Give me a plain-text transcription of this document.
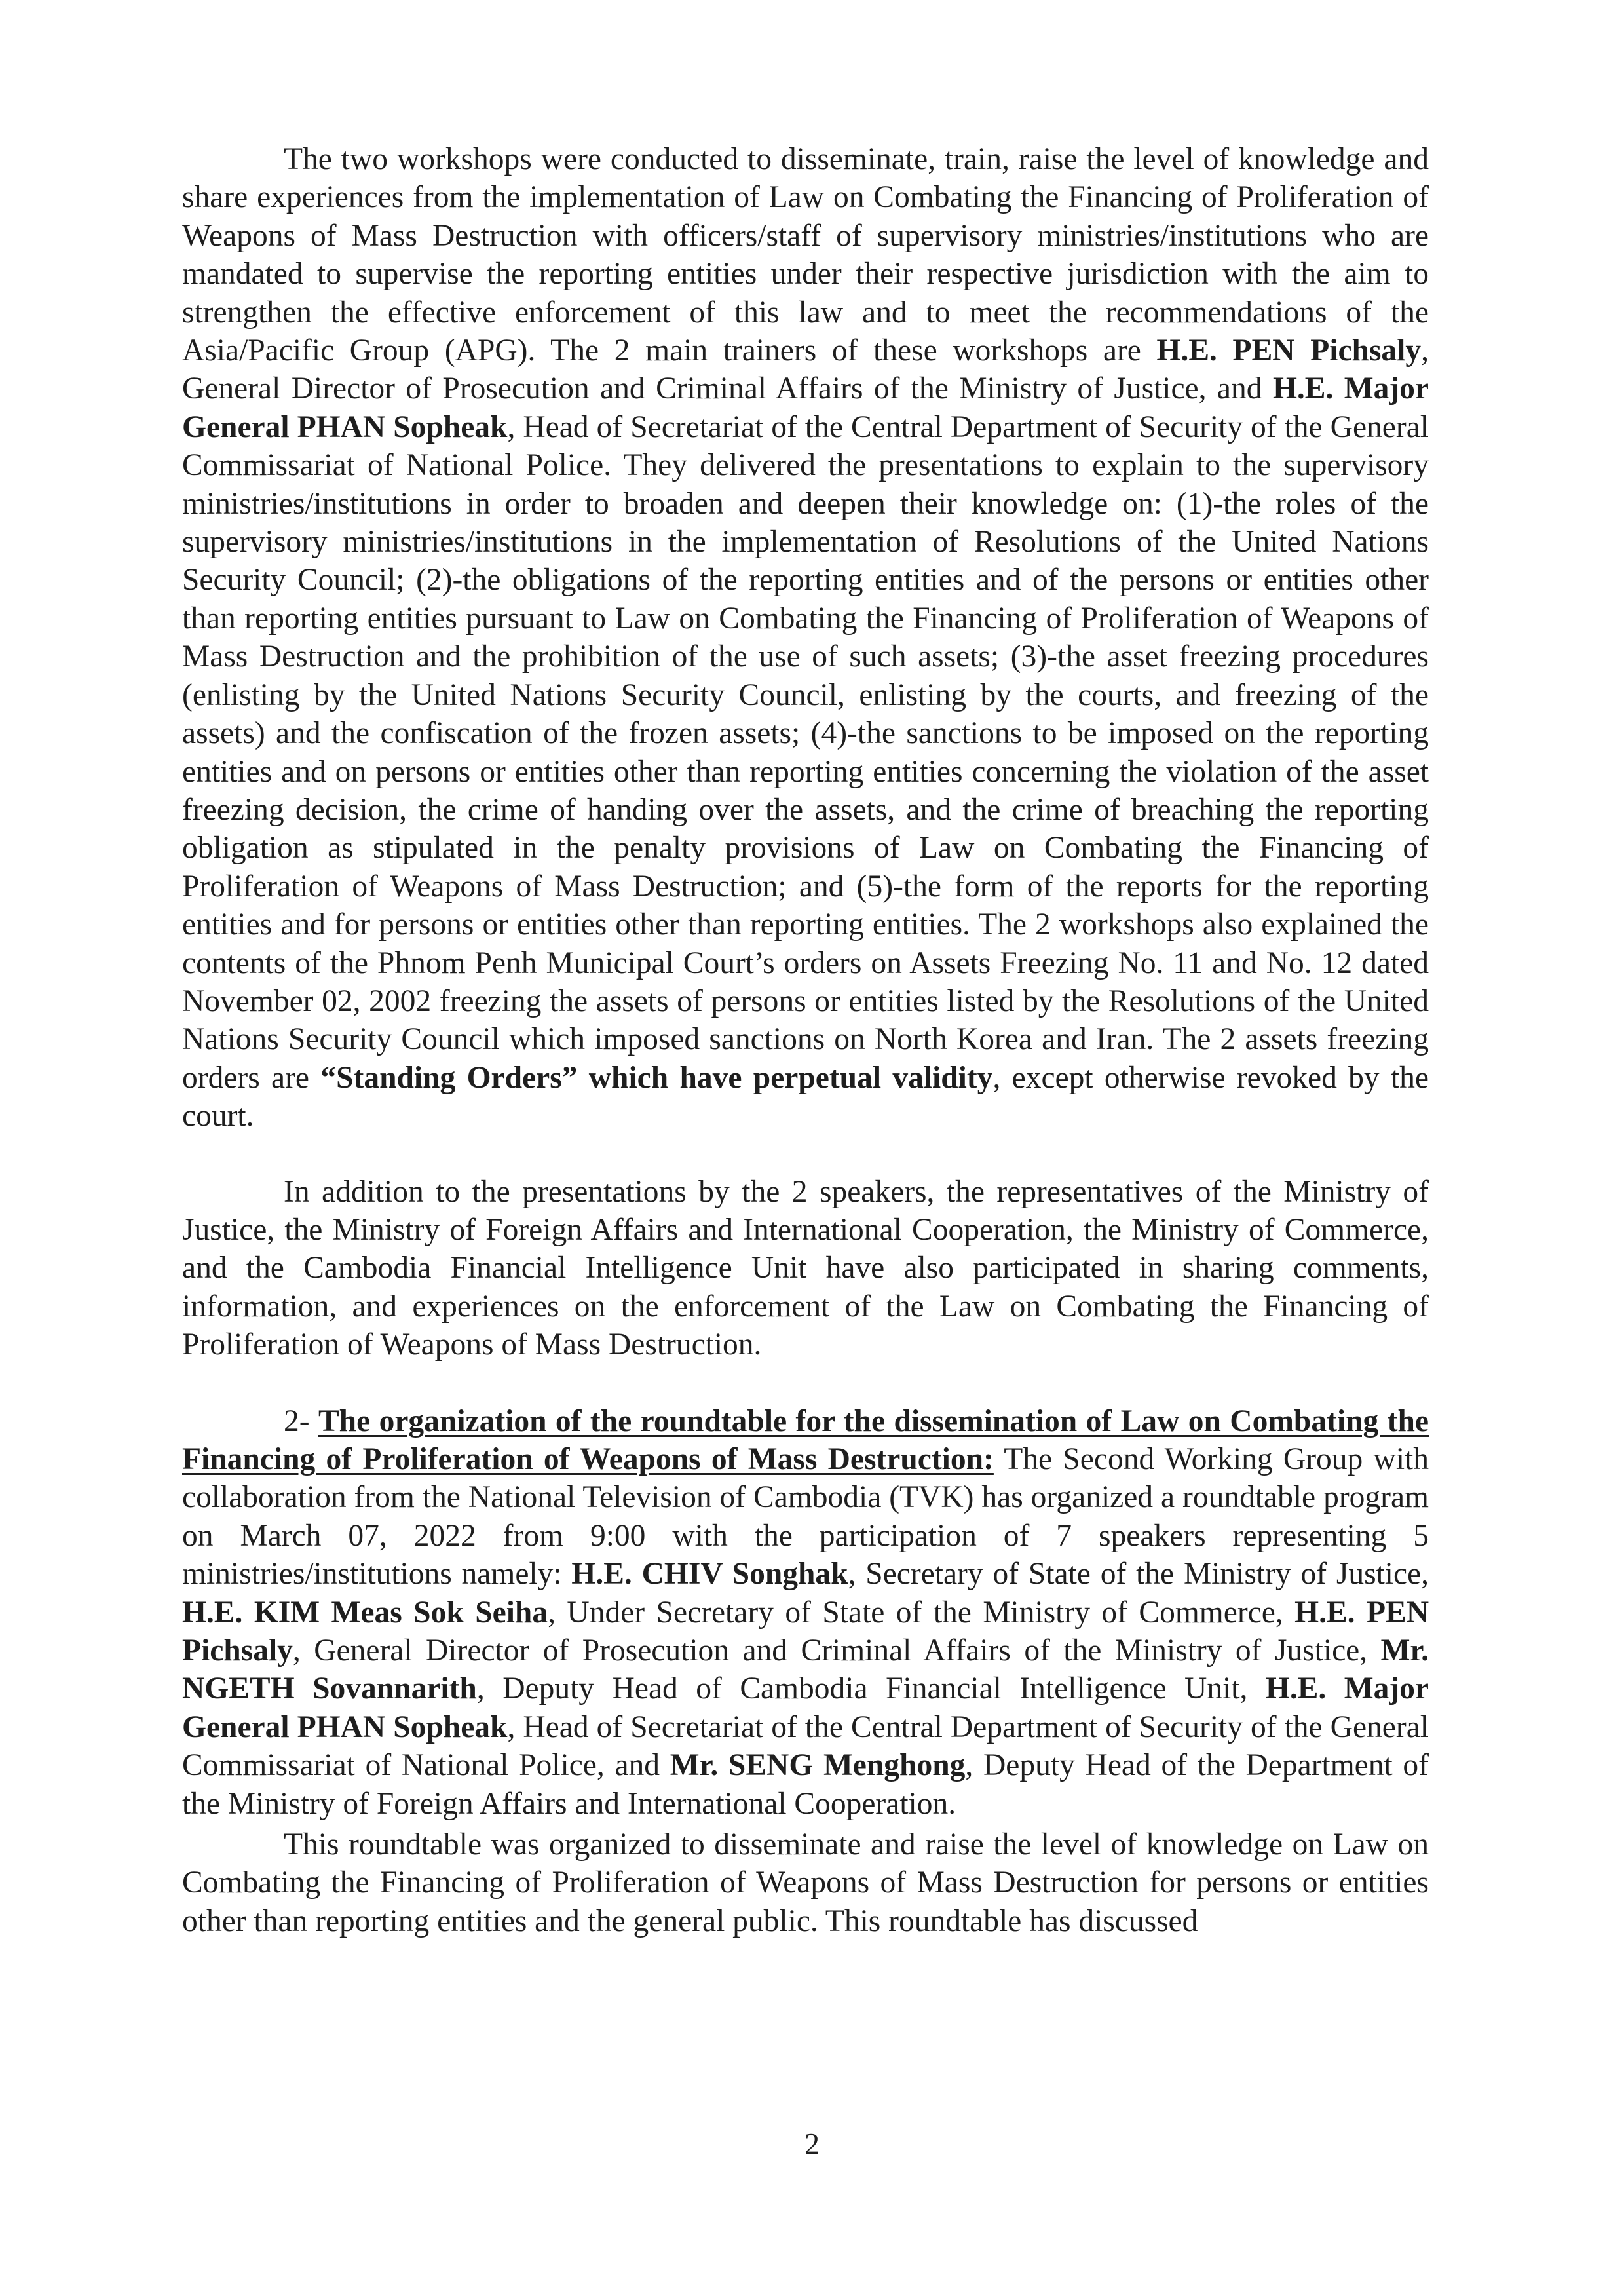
The two workshops were conducted to disseminate, train, raise the level of knowledge and share experiences from the implementation of Law on Combating the Financing of Proliferation of Weapons of Mass Destruction with officers/staff of supervisory ministries/institutions who are mandated to supervise the reporting entities under their respective jurisdiction with the aim to strengthen the effective enforcement of this law and to meet the recommendations of the Asia/Pacific Group (APG). The 2 main trainers of these workshops are H.E. PEN Pichsaly, General Director of Prosecution and Criminal Affairs of the Ministry of Justice, and H.E. Major General PHAN Sopheak, Head of Secretariat of the Central Department of Security of the General Commissariat of National Police. They delivered the presentations to explain to the supervisory ministries/institutions in order to broaden and deepen their knowledge on: (1)-the roles of the supervisory ministries/institutions in the implementation of Resolutions of the United Nations Security Council; (2)-the obligations of the reporting entities and of the persons or entities other than reporting entities pursuant to Law on Combating the Financing of Proliferation of Weapons of Mass Destruction and the prohibition of the use of such assets; (3)-the asset freezing procedures (enlisting by the United Nations Security Council, enlisting by the courts, and freezing of the assets) and the confiscation of the frozen assets; (4)-the sanctions to be imposed on the reporting entities and on persons or entities other than reporting entities concerning the violation of the asset freezing decision, the crime of handing over the assets, and the crime of breaching the reporting obligation as stipulated in the penalty provisions of Law on Combating the Financing of Proliferation of Weapons of Mass Destruction; and (5)-the form of the reports for the reporting entities and for persons or entities other than reporting entities. The 2 workshops also explained the contents of the Phnom Penh Municipal Court’s orders on Assets Freezing No. 11 and No. 12 dated November 02, 2002 freezing the assets of persons or entities listed by the Resolutions of the United Nations Security Council which imposed sanctions on North Korea and Iran. The 2 assets freezing orders are “Standing Orders” which have perpetual validity, except otherwise revoked by the court.

In addition to the presentations by the 2 speakers, the representatives of the Ministry of Justice, the Ministry of Foreign Affairs and International Cooperation, the Ministry of Commerce, and the Cambodia Financial Intelligence Unit have also participated in sharing comments, information, and experiences on the enforcement of the Law on Combating the Financing of Proliferation of Weapons of Mass Destruction.

2- The organization of the roundtable for the dissemination of Law on Combating the Financing of Proliferation of Weapons of Mass Destruction: The Second Working Group with collaboration from the National Television of Cambodia (TVK) has organized a roundtable program on March 07, 2022 from 9:00 with the participation of 7 speakers representing 5 ministries/institutions namely: H.E. CHIV Songhak, Secretary of State of the Ministry of Justice, H.E. KIM Meas Sok Seiha, Under Secretary of State of the Ministry of Commerce, H.E. PEN Pichsaly, General Director of Prosecution and Criminal Affairs of the Ministry of Justice, Mr. NGETH Sovannarith, Deputy Head of Cambodia Financial Intelligence Unit, H.E. Major General PHAN Sopheak, Head of Secretariat of the Central Department of Security of the General Commissariat of National Police, and Mr. SENG Menghong, Deputy Head of the Department of the Ministry of Foreign Affairs and International Cooperation.

This roundtable was organized to disseminate and raise the level of knowledge on Law on Combating the Financing of Proliferation of Weapons of Mass Destruction for persons or entities other than reporting entities and the general public. This roundtable has discussed

2
